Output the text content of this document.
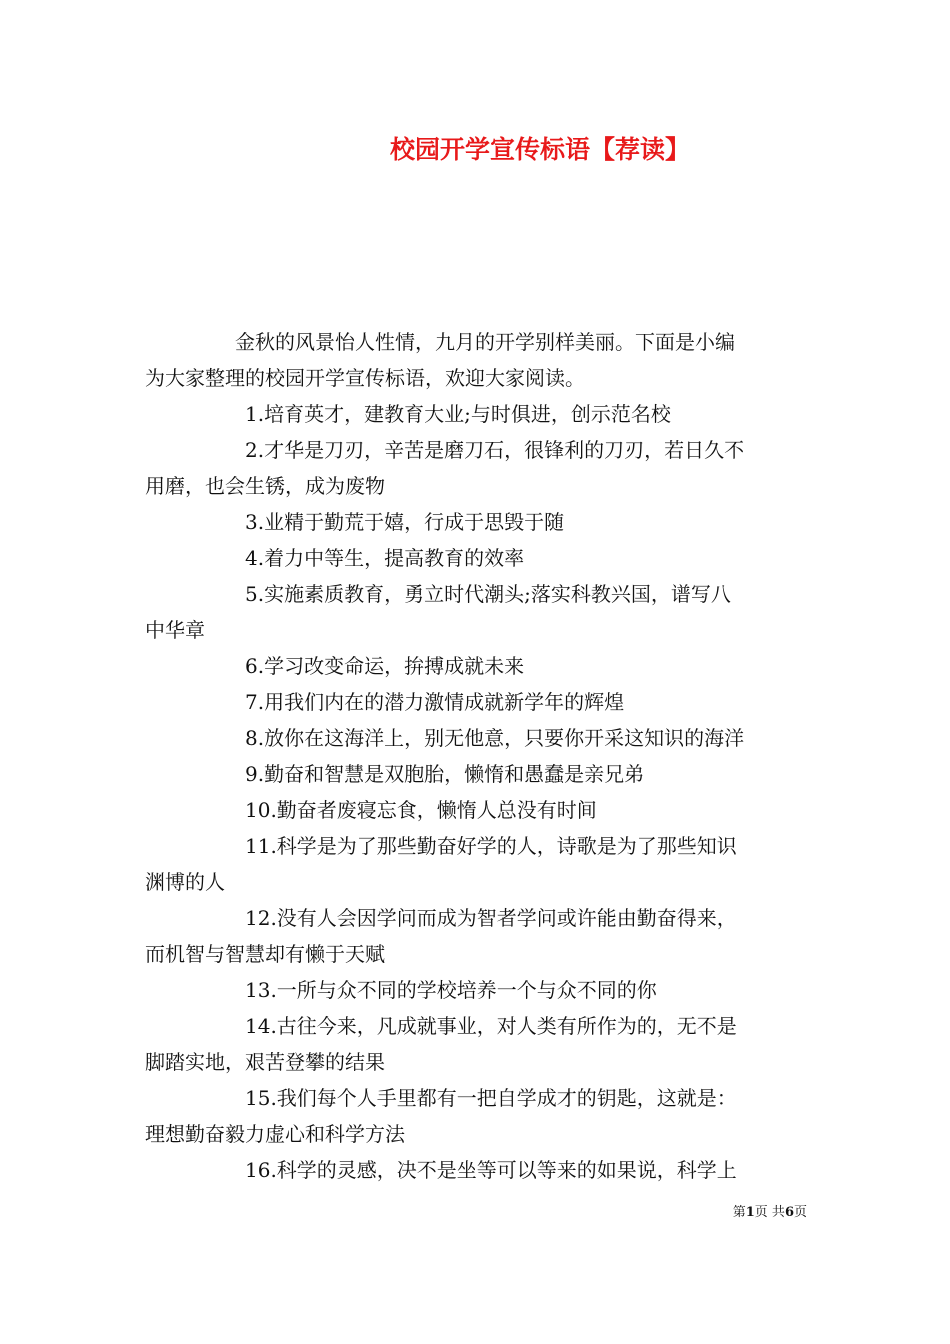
校园开学宣传标语【荐读】
金秋的风景怡人性情，九月的开学别样美丽。下面是小编
为大家整理的校园开学宣传标语，欢迎大家阅读。
1.培育英才，建教育大业;与时俱进，创示范名校
2.才华是刀刃，辛苦是磨刀石，很锋利的刀刃，若日久不
用磨，也会生锈，成为废物
3.业精于勤荒于嬉，行成于思毁于随
4.着力中等生，提高教育的效率
5.实施素质教育，勇立时代潮头;落实科教兴国，谱写八
中华章
6.学习改变命运，拚搏成就未来
7.用我们内在的潜力激情成就新学年的辉煌
8.放你在这海洋上，别无他意，只要你开采这知识的海洋
9.勤奋和智慧是双胞胎，懒惰和愚蠢是亲兄弟
10.勤奋者废寝忘食，懒惰人总没有时间
11.科学是为了那些勤奋好学的人，诗歌是为了那些知识
渊博的人
12.没有人会因学问而成为智者学问或许能由勤奋得来，
而机智与智慧却有懒于天赋
13.一所与众不同的学校培养一个与众不同的你
14.古往今来，凡成就事业，对人类有所作为的，无不是
脚踏实地，艰苦登攀的结果
15.我们每个人手里都有一把自学成才的钥匙，这就是：
理想勤奋毅力虚心和科学方法
16.科学的灵感，决不是坐等可以等来的如果说，科学上
第1页 共6页
